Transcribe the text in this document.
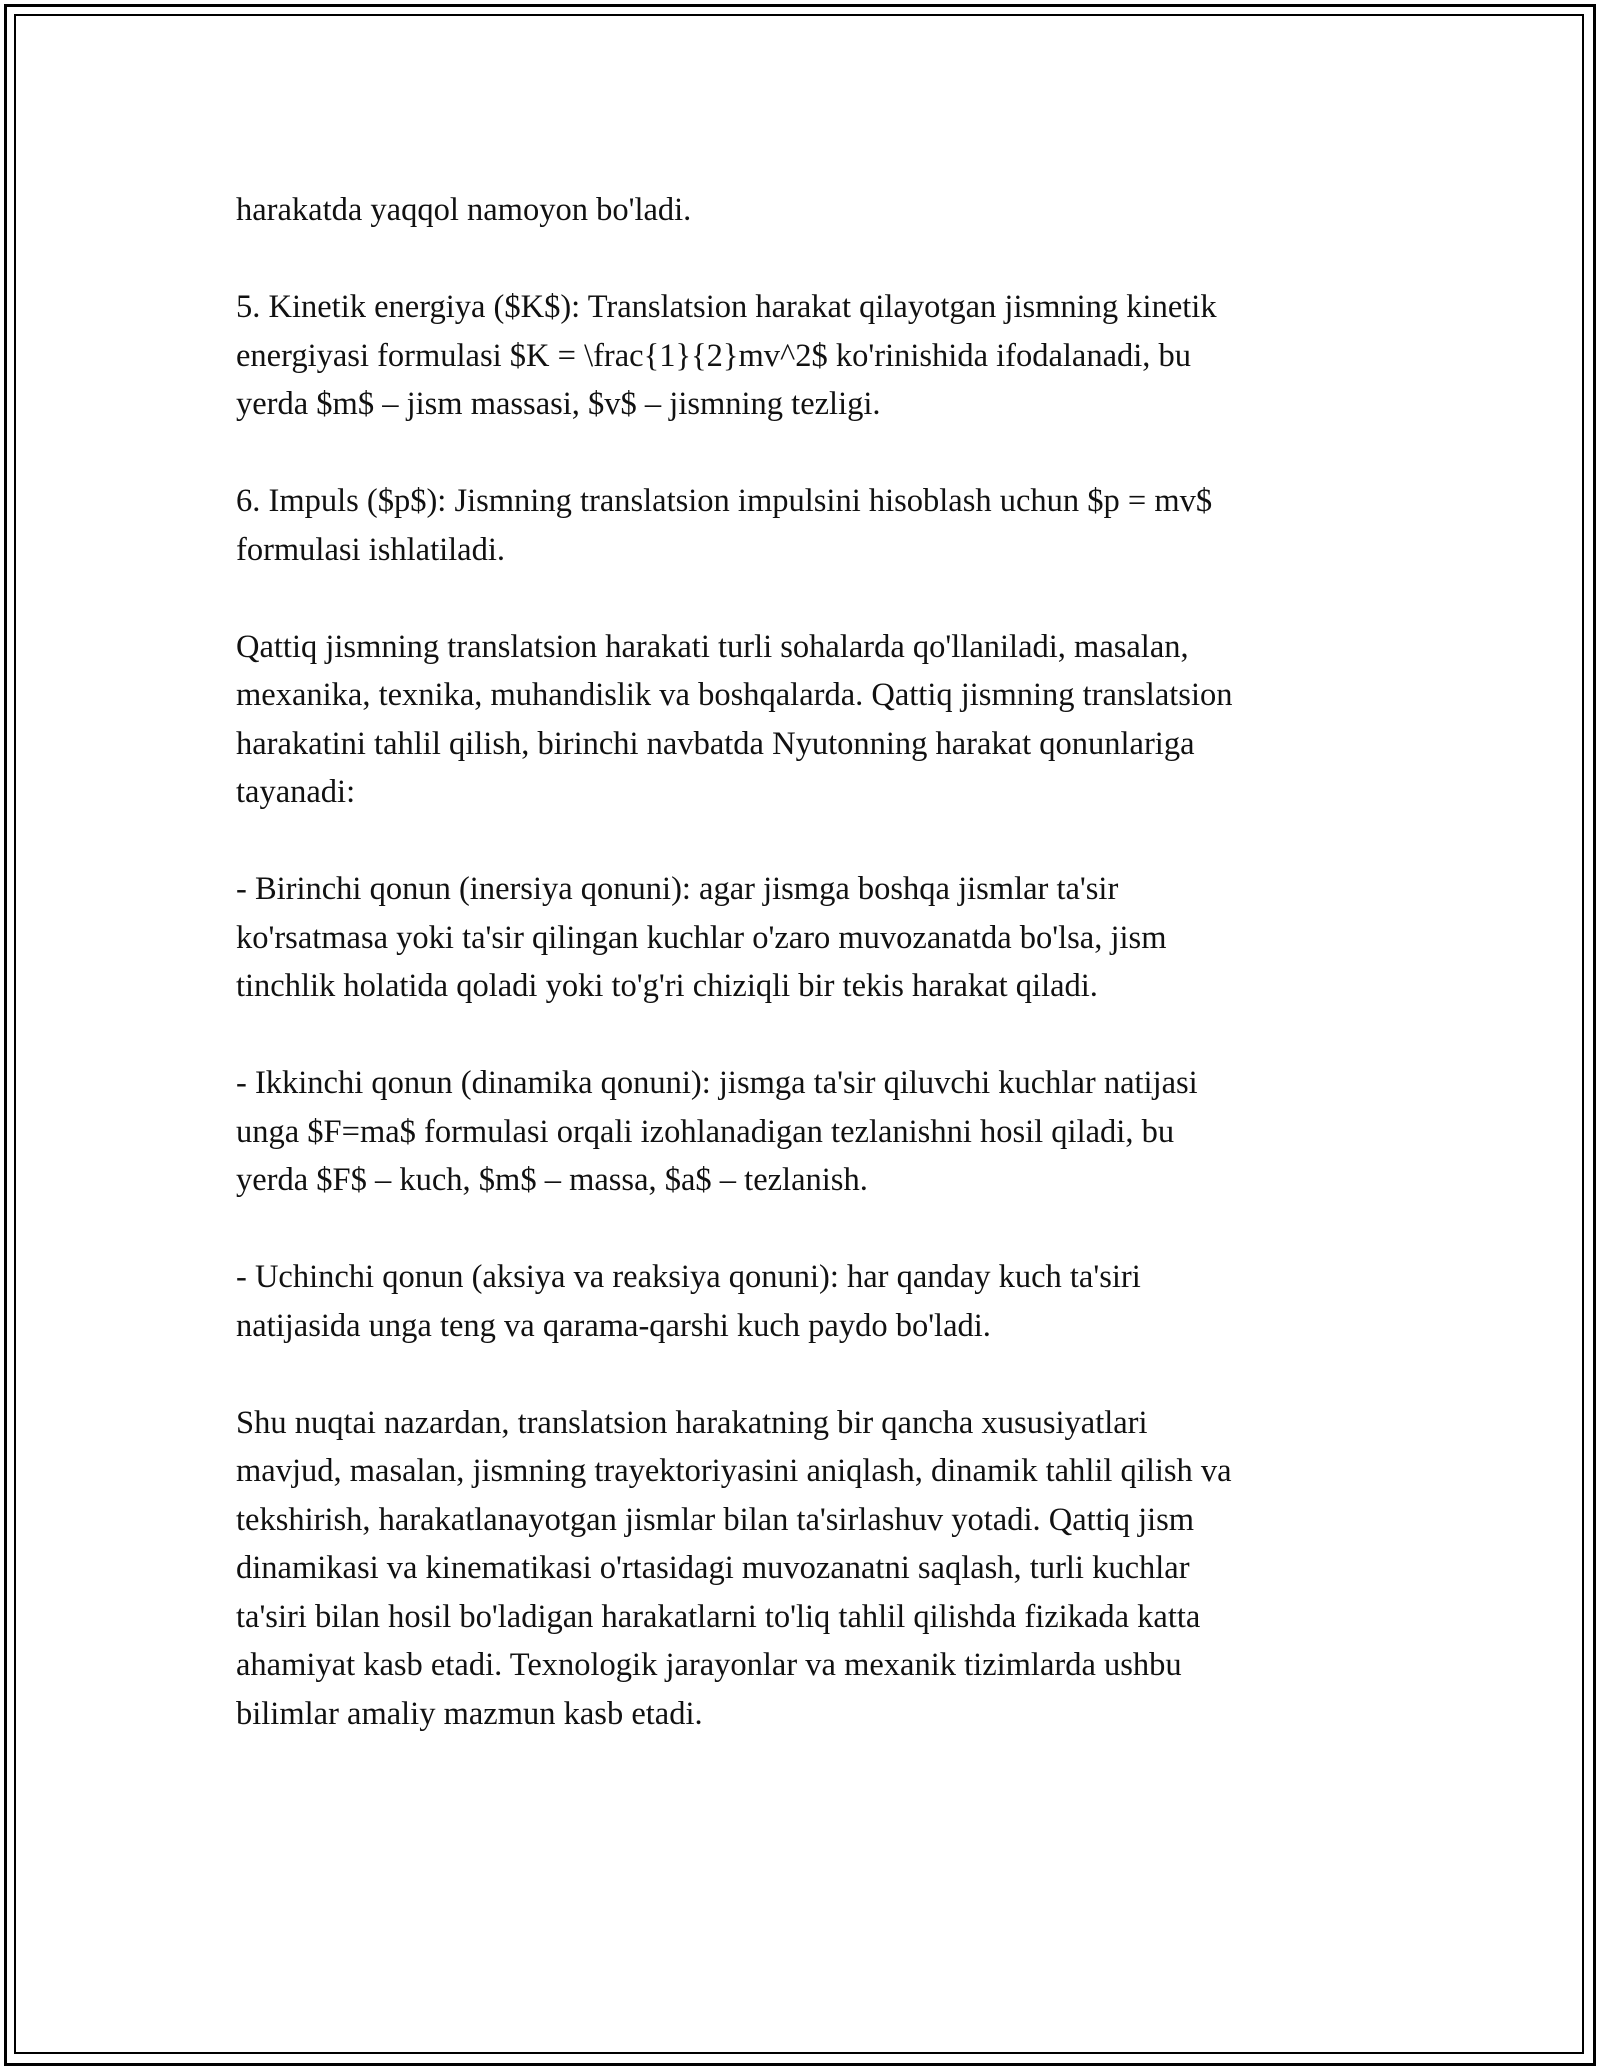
harakatda yaqqol namoyon bo'ladi.

5. Kinetik energiya ($K$): Translatsion harakat qilayotgan jismning kinetik
energiyasi formulasi $K = \frac{1}{2}mv^2$ ko'rinishida ifodalanadi, bu
yerda $m$ – jism massasi, $v$ – jismning tezligi.

6. Impuls ($p$): Jismning translatsion impulsini hisoblash uchun $p = mv$
formulasi ishlatiladi.

Qattiq jismning translatsion harakati turli sohalarda qo'llaniladi, masalan,
mexanika, texnika, muhandislik va boshqalarda. Qattiq jismning translatsion
harakatini tahlil qilish, birinchi navbatda Nyutonning harakat qonunlariga
tayanadi:

- Birinchi qonun (inersiya qonuni): agar jismga boshqa jismlar ta'sir
ko'rsatmasa yoki ta'sir qilingan kuchlar o'zaro muvozanatda bo'lsa, jism
tinchlik holatida qoladi yoki to'g'ri chiziqli bir tekis harakat qiladi.

- Ikkinchi qonun (dinamika qonuni): jismga ta'sir qiluvchi kuchlar natijasi
unga $F=ma$ formulasi orqali izohlanadigan tezlanishni hosil qiladi, bu
yerda $F$ – kuch, $m$ – massa, $a$ – tezlanish.

- Uchinchi qonun (aksiya va reaksiya qonuni): har qanday kuch ta'siri
natijasida unga teng va qarama-qarshi kuch paydo bo'ladi.

Shu nuqtai nazardan, translatsion harakatning bir qancha xususiyatlari
mavjud, masalan, jismning trayektoriyasini aniqlash, dinamik tahlil qilish va
tekshirish, harakatlanayotgan jismlar bilan ta'sirlashuv yotadi. Qattiq jism
dinamikasi va kinematikasi o'rtasidagi muvozanatni saqlash, turli kuchlar
ta'siri bilan hosil bo'ladigan harakatlarni to'liq tahlil qilishda fizikada katta
ahamiyat kasb etadi. Texnologik jarayonlar va mexanik tizimlarda ushbu
bilimlar amaliy mazmun kasb etadi.
